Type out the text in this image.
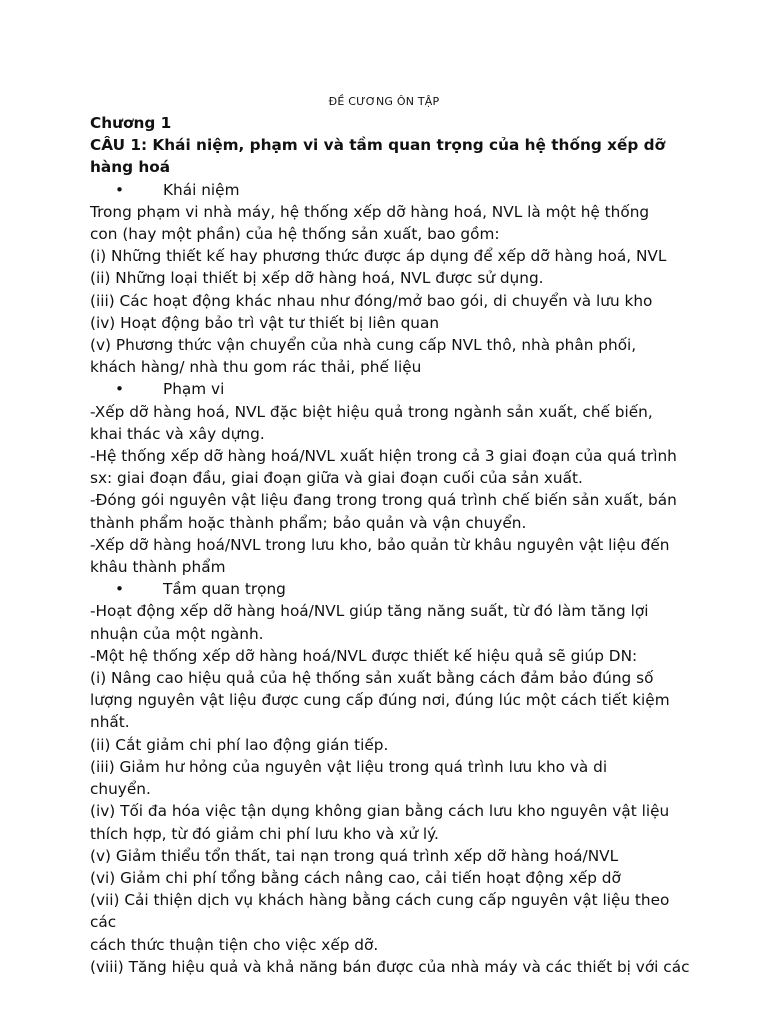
ĐỀ CƯƠNG ÔN TẬP

Chương 1

CÂU 1: Khái niệm, phạm vi và tầm quan trọng của hệ thống xếp dỡ hàng hoá

•	Khái niệm

Trong phạm vi nhà máy, hệ thống xếp dỡ hàng hoá, NVL là một hệ thống

con (hay một phần) của hệ thống sản xuất, bao gồm:

(i) Những thiết kế hay phương thức được áp dụng để xếp dỡ hàng hoá, NVL

(ii) Những loại thiết bị xếp dỡ hàng hoá, NVL được sử dụng.

(iii) Các hoạt động khác nhau như đóng/mở bao gói, di chuyển và lưu kho

(iv) Hoạt động bảo trì vật tư thiết bị liên quan

(v) Phương thức vận chuyển của nhà cung cấp NVL thô, nhà phân phối,

khách hàng/ nhà thu gom rác thải, phế liệu

•	Phạm vi

-Xếp dỡ hàng hoá, NVL đặc biệt hiệu quả trong ngành sản xuất, chế biến,

khai thác và xây dựng.

-Hệ thống xếp dỡ hàng hoá/NVL xuất hiện trong cả 3 giai đoạn của quá trình

sx: giai đoạn đầu, giai đoạn giữa và giai đoạn cuối của sản xuất.

-Đóng gói nguyên vật liệu đang trong trong quá trình chế biến sản xuất, bán

thành phẩm hoặc thành phẩm; bảo quản và vận chuyển.

-Xếp dỡ hàng hoá/NVL trong lưu kho, bảo quản từ khâu nguyên vật liệu đến

khâu thành phẩm

•	Tầm quan trọng

-Hoạt động xếp dỡ hàng hoá/NVL giúp tăng năng suất, từ đó làm tăng lợi

nhuận của một ngành.

-Một hệ thống xếp dỡ hàng hoá/NVL được thiết kế hiệu quả sẽ giúp DN:

(i) Nâng cao hiệu quả của hệ thống sản xuất bằng cách đảm bảo đúng số

lượng nguyên vật liệu được cung cấp đúng nơi, đúng lúc một cách tiết kiệm

nhất.

(ii) Cắt giảm chi phí lao động gián tiếp.

(iii) Giảm hư hỏng của nguyên vật liệu trong quá trình lưu kho và di

chuyển.

(iv) Tối đa hóa việc tận dụng không gian bằng cách lưu kho nguyên vật liệu

thích hợp, từ đó giảm chi phí lưu kho và xử lý.

(v) Giảm thiểu tổn thất, tai nạn trong quá trình xếp dỡ hàng hoá/NVL

(vi) Giảm chi phí tổng bằng cách nâng cao, cải tiến hoạt động xếp dỡ

(vii) Cải thiện dịch vụ khách hàng bằng cách cung cấp nguyên vật liệu theo các

cách thức thuận tiện cho việc xếp dỡ.

(viii) Tăng hiệu quả và khả năng bán được của nhà máy và các thiết bị với các
